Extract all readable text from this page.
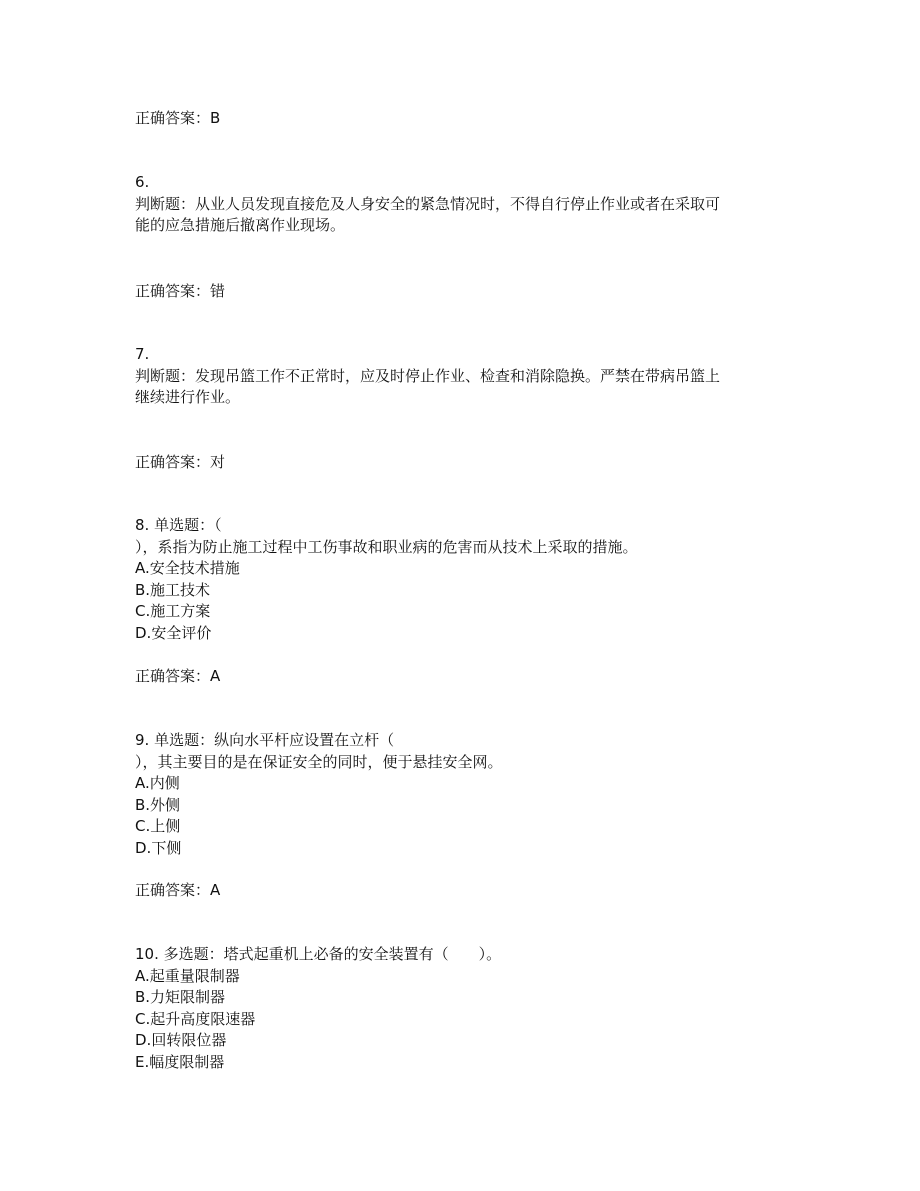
正确答案：B
6.
判断题：从业人员发现直接危及人身安全的紧急情况时，不得自行停止作业或者在采取可
能的应急措施后撤离作业现场。
正确答案：错
7.
判断题：发现吊篮工作不正常时，应及时停止作业、检查和消除隐换。严禁在带病吊篮上
继续进行作业。
正确答案：对
8. 单选题：（
），系指为防止施工过程中工伤事故和职业病的危害而从技术上采取的措施。
A.安全技术措施
B.施工技术
C.施工方案
D.安全评价
正确答案：A
9. 单选题：纵向水平杆应设置在立杆（
），其主要目的是在保证安全的同时，便于悬挂安全网。
A.内侧
B.外侧
C.上侧
D.下侧
正确答案：A
10. 多选题：塔式起重机上必备的安全装置有（　　）。
A.起重量限制器
B.力矩限制器
C.起升高度限速器
D.回转限位器
E.幅度限制器
